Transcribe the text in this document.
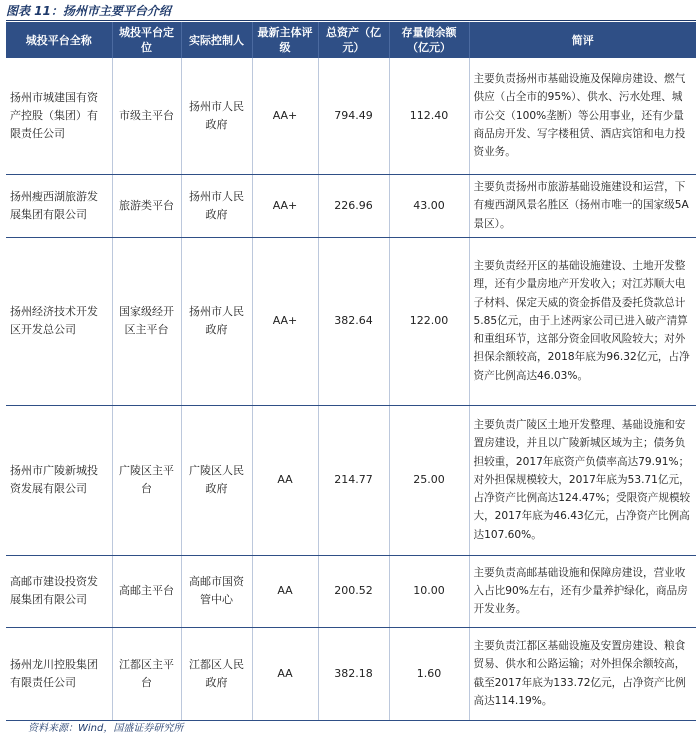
图表 11：扬州市主要平台介绍
城投平台全称	城投平台定位	实际控制人	最新主体评级	总资产（亿元）	存量债余额（亿元）	简评
扬州市城建国有资产控股（集团）有限责任公司	市级主平台	扬州市人民政府	AA+	794.49	112.40	主要负责扬州市基础设施及保障房建设、燃气供应（占全市的95%）、供水、污水处理、城市公交（100%垄断）等公用事业，还有少量商品房开发、写字楼租赁、酒店宾馆和电力投资业务。
扬州瘦西湖旅游发展集团有限公司	旅游类平台	扬州市人民政府	AA+	226.96	43.00	主要负责扬州市旅游基础设施建设和运营，下有瘦西湖风景名胜区（扬州市唯一的国家级5A景区）。
扬州经济技术开发区开发总公司	国家级经开区主平台	扬州市人民政府	AA+	382.64	122.00	主要负责经开区的基础设施建设、土地开发整理，还有少量房地产开发收入；对江苏顺大电子材料、保定天威的资金拆借及委托贷款总计5.85亿元，由于上述两家公司已进入破产清算和重组环节，这部分资金回收风险较大；对外担保余额较高，2018年底为96.32亿元，占净资产比例高达46.03%。
扬州市广陵新城投资发展有限公司	广陵区主平台	广陵区人民政府	AA	214.77	25.00	主要负责广陵区土地开发整理、基础设施和安置房建设，并且以广陵新城区域为主；债务负担较重，2017年底资产负债率高达79.91%；对外担保规模较大，2017年底为53.71亿元，占净资产比例高达124.47%；受限资产规模较大，2017年底为46.43亿元，占净资产比例高达107.60%。
高邮市建设投资发展集团有限公司	高邮主平台	高邮市国资管中心	AA	200.52	10.00	主要负责高邮基础设施和保障房建设，营业收入占比90%左右，还有少量养护绿化，商品房开发业务。
扬州龙川控股集团有限责任公司	江都区主平台	江都区人民政府	AA	382.18	1.60	主要负责江都区基础设施及安置房建设、粮食贸易、供水和公路运输；对外担保余额较高，截至2017年底为133.72亿元，占净资产比例高达114.19%。
资料来源：Wind，国盛证券研究所
